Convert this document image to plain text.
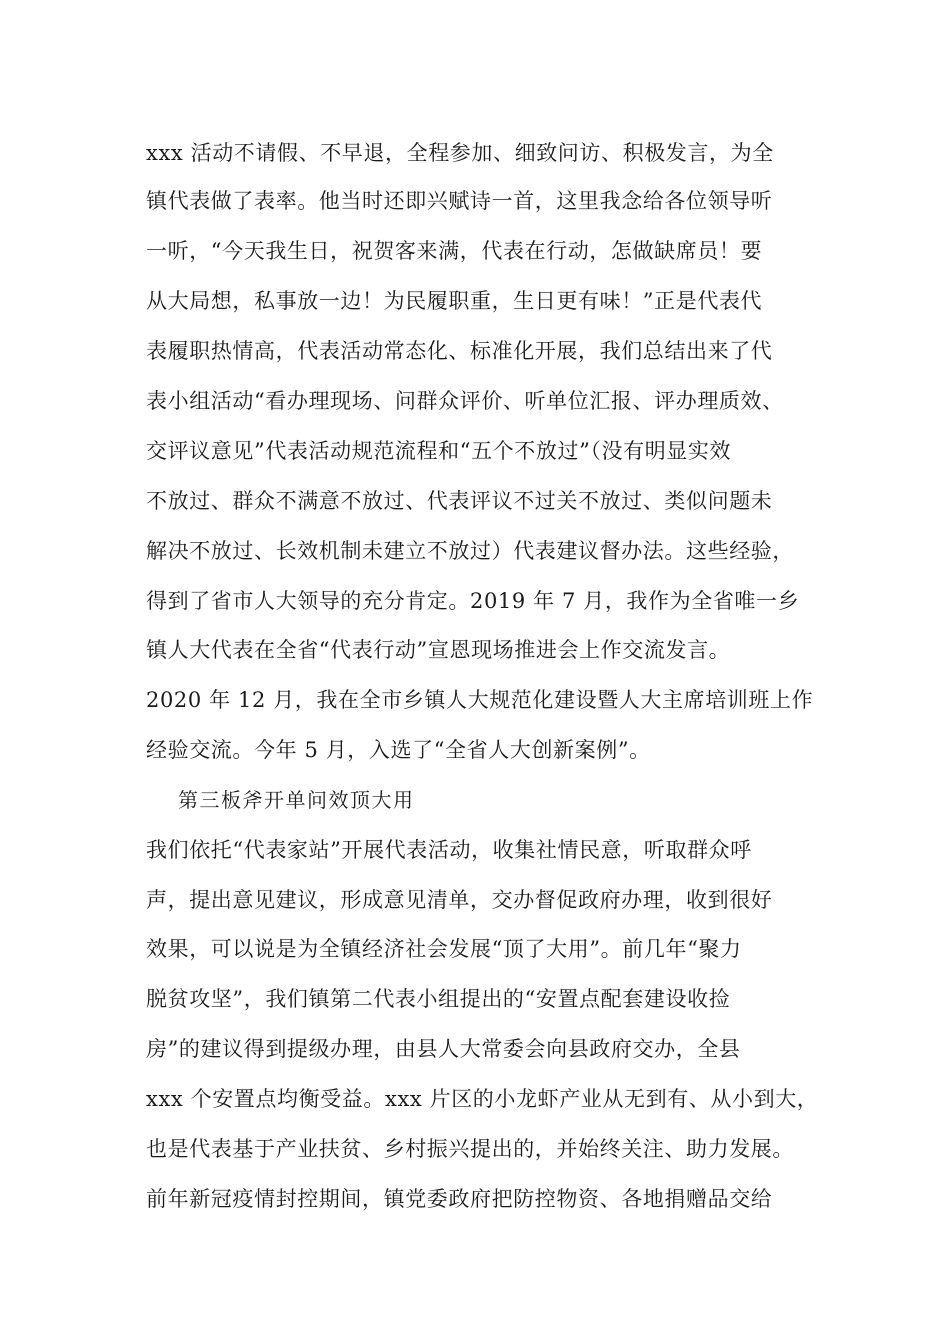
xxx 活动不请假、不早退，全程参加、细致问访、积极发言，为全
镇代表做了表率。他当时还即兴赋诗一首，这里我念给各位领导听
一听，“今天我生日，祝贺客来满，代表在行动，怎做缺席员！要
从大局想，私事放一边！为民履职重，生日更有味！”正是代表代
表履职热情高，代表活动常态化、标准化开展，我们总结出来了代
表小组活动“看办理现场、问群众评价、听单位汇报、评办理质效、
交评议意见”代表活动规范流程和“五个不放过”（没有明显实效
不放过、群众不满意不放过、代表评议不过关不放过、类似问题未
解决不放过、长效机制未建立不放过）代表建议督办法。这些经验，
得到了省市人大领导的充分肯定。2019 年 7 月，我作为全省唯一乡
镇人大代表在全省“代表行动”宣恩现场推进会上作交流发言。
2020 年 12 月，我在全市乡镇人大规范化建设暨人大主席培训班上作
经验交流。今年 5 月，入选了“全省人大创新案例”。
第三板斧开单问效顶大用
我们依托“代表家站”开展代表活动，收集社情民意，听取群众呼
声，提出意见建议，形成意见清单，交办督促政府办理，收到很好
效果，可以说是为全镇经济社会发展“顶了大用”。前几年“聚力
脱贫攻坚”，我们镇第二代表小组提出的“安置点配套建设收捡
房”的建议得到提级办理，由县人大常委会向县政府交办，全县
xxx 个安置点均衡受益。xxx 片区的小龙虾产业从无到有、从小到大，
也是代表基于产业扶贫、乡村振兴提出的，并始终关注、助力发展。
前年新冠疫情封控期间，镇党委政府把防控物资、各地捐赠品交给
